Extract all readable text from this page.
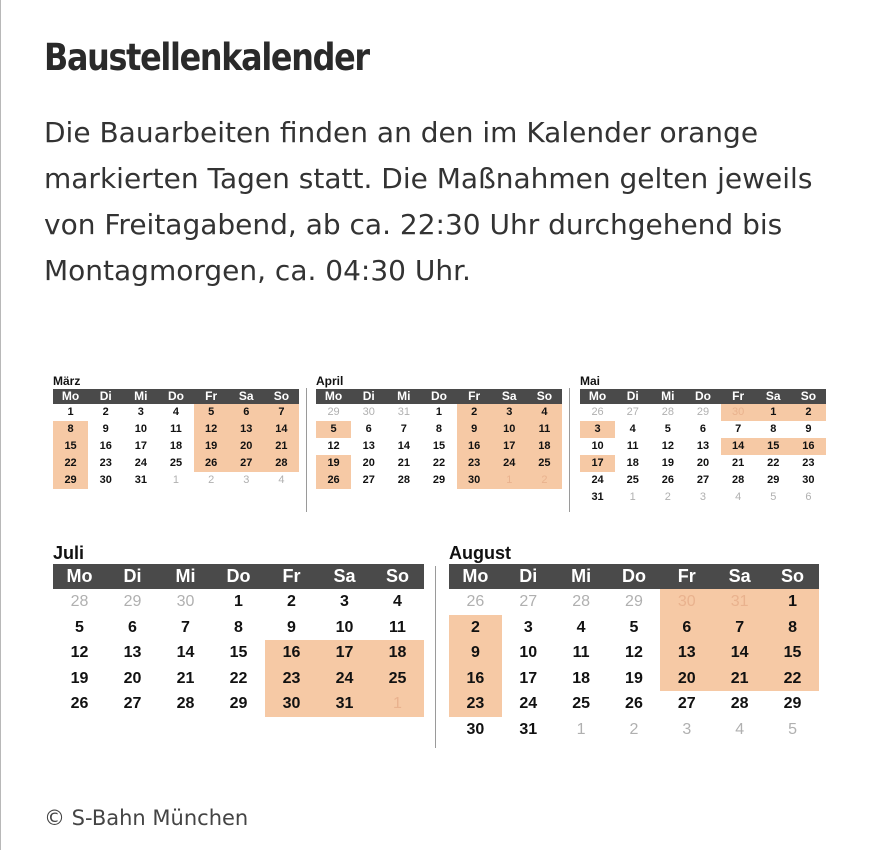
Baustellenkalender
Die Bauarbeiten finden an den im Kalender orange markierten Tagen statt. Die Maßnahmen gelten jeweils von Freitagabend, ab ca. 22:30 Uhr durchgehend bis Montagmorgen, ca. 04:30 Uhr.
März
Mo	Di	Mi	Do	Fr	Sa	So
1	2	3	4	5	6	7
8	9	10	11	12	13	14
15	16	17	18	19	20	21
22	23	24	25	26	27	28
29	30	31	1	2	3	4
April
Mo	Di	Mi	Do	Fr	Sa	So
29	30	31	1	2	3	4
5	6	7	8	9	10	11
12	13	14	15	16	17	18
19	20	21	22	23	24	25
26	27	28	29	30	1	2
Mai
Mo	Di	Mi	Do	Fr	Sa	So
26	27	28	29	30	1	2
3	4	5	6	7	8	9
10	11	12	13	14	15	16
17	18	19	20	21	22	23
24	25	26	27	28	29	30
31	1	2	3	4	5	6
Juli
Mo	Di	Mi	Do	Fr	Sa	So
28	29	30	1	2	3	4
5	6	7	8	9	10	11
12	13	14	15	16	17	18
19	20	21	22	23	24	25
26	27	28	29	30	31	1
August
Mo	Di	Mi	Do	Fr	Sa	So
26	27	28	29	30	31	1
2	3	4	5	6	7	8
9	10	11	12	13	14	15
16	17	18	19	20	21	22
23	24	25	26	27	28	29
30	31	1	2	3	4	5
© S-Bahn München
